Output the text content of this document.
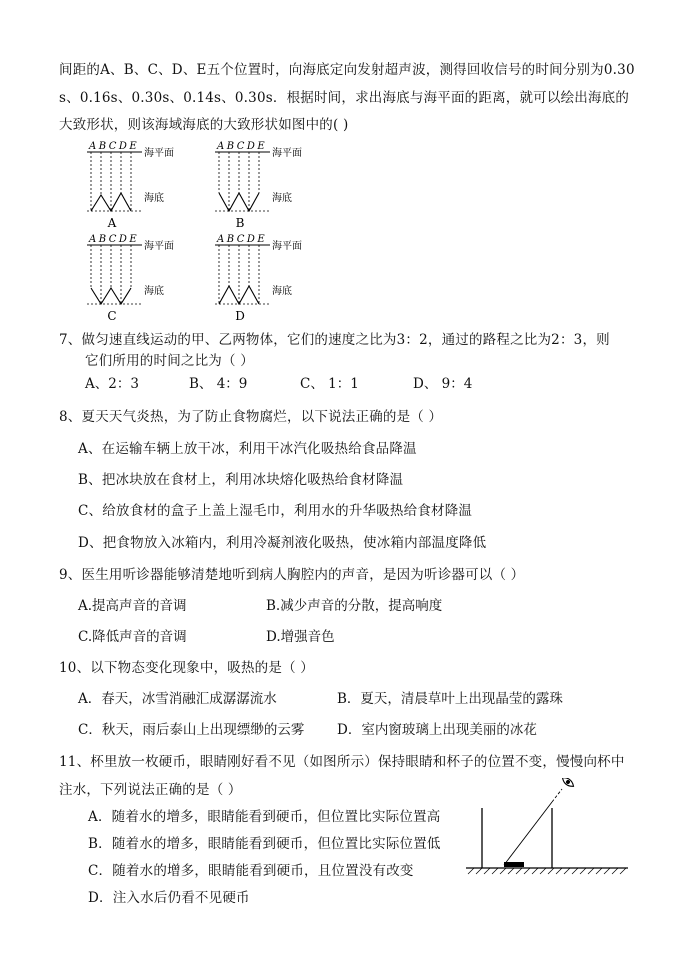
间距的A、B、C、D、E五个位置时，向海底定向发射超声波，测得回收信号的时间分别为0.30
s、0.16s、0.30s、0.14s、0.30s．根据时间，求出海底与海平面的距离，就可以绘出海底的
大致形状，则该海域海底的大致形状如图中的( )
ABCDE
海平面
海底
A
ABCDE
海平面
海底
B
ABCDE
海平面
海底
C
ABCDE
海平面
海底
D
7、做匀速直线运动的甲、乙两物体，它们的速度之比为3：2，通过的路程之比为2：3，则
它们所用的时间之比为（ ）
A、2：3	B、 4：9	C、 1：1	D、 9：4
8、夏天天气炎热，为了防止食物腐烂，以下说法正确的是（ ）
A、在运输车辆上放干冰，利用干冰汽化吸热给食品降温
B、把冰块放在食材上，利用冰块熔化吸热给食材降温
C、给放食材的盒子上盖上湿毛巾，利用水的升华吸热给食材降温
D、把食物放入冰箱内，利用冷凝剂液化吸热，使冰箱内部温度降低
9、医生用听诊器能够清楚地听到病人胸腔内的声音，是因为听诊器可以（ ）
A.提高声音的音调	B.减少声音的分散，提高响度
C.降低声音的音调	D.增强音色
10、以下物态变化现象中，吸热的是（ ）
A．春天，冰雪消融汇成潺潺流水	B．夏天，清晨草叶上出现晶莹的露珠
C．秋天，雨后泰山上出现缥缈的云雾 D．室内窗玻璃上出现美丽的冰花
11、杯里放一枚硬币，眼睛刚好看不见（如图所示）保持眼睛和杯子的位置不变，慢慢向杯中
注水，下列说法正确的是（ ）
A．随着水的增多，眼睛能看到硬币，但位置比实际位置高
B．随着水的增多，眼睛能看到硬币，但位置比实际位置低
C．随着水的增多，眼睛能看到硬币，且位置没有改变
D．注入水后仍看不见硬币
